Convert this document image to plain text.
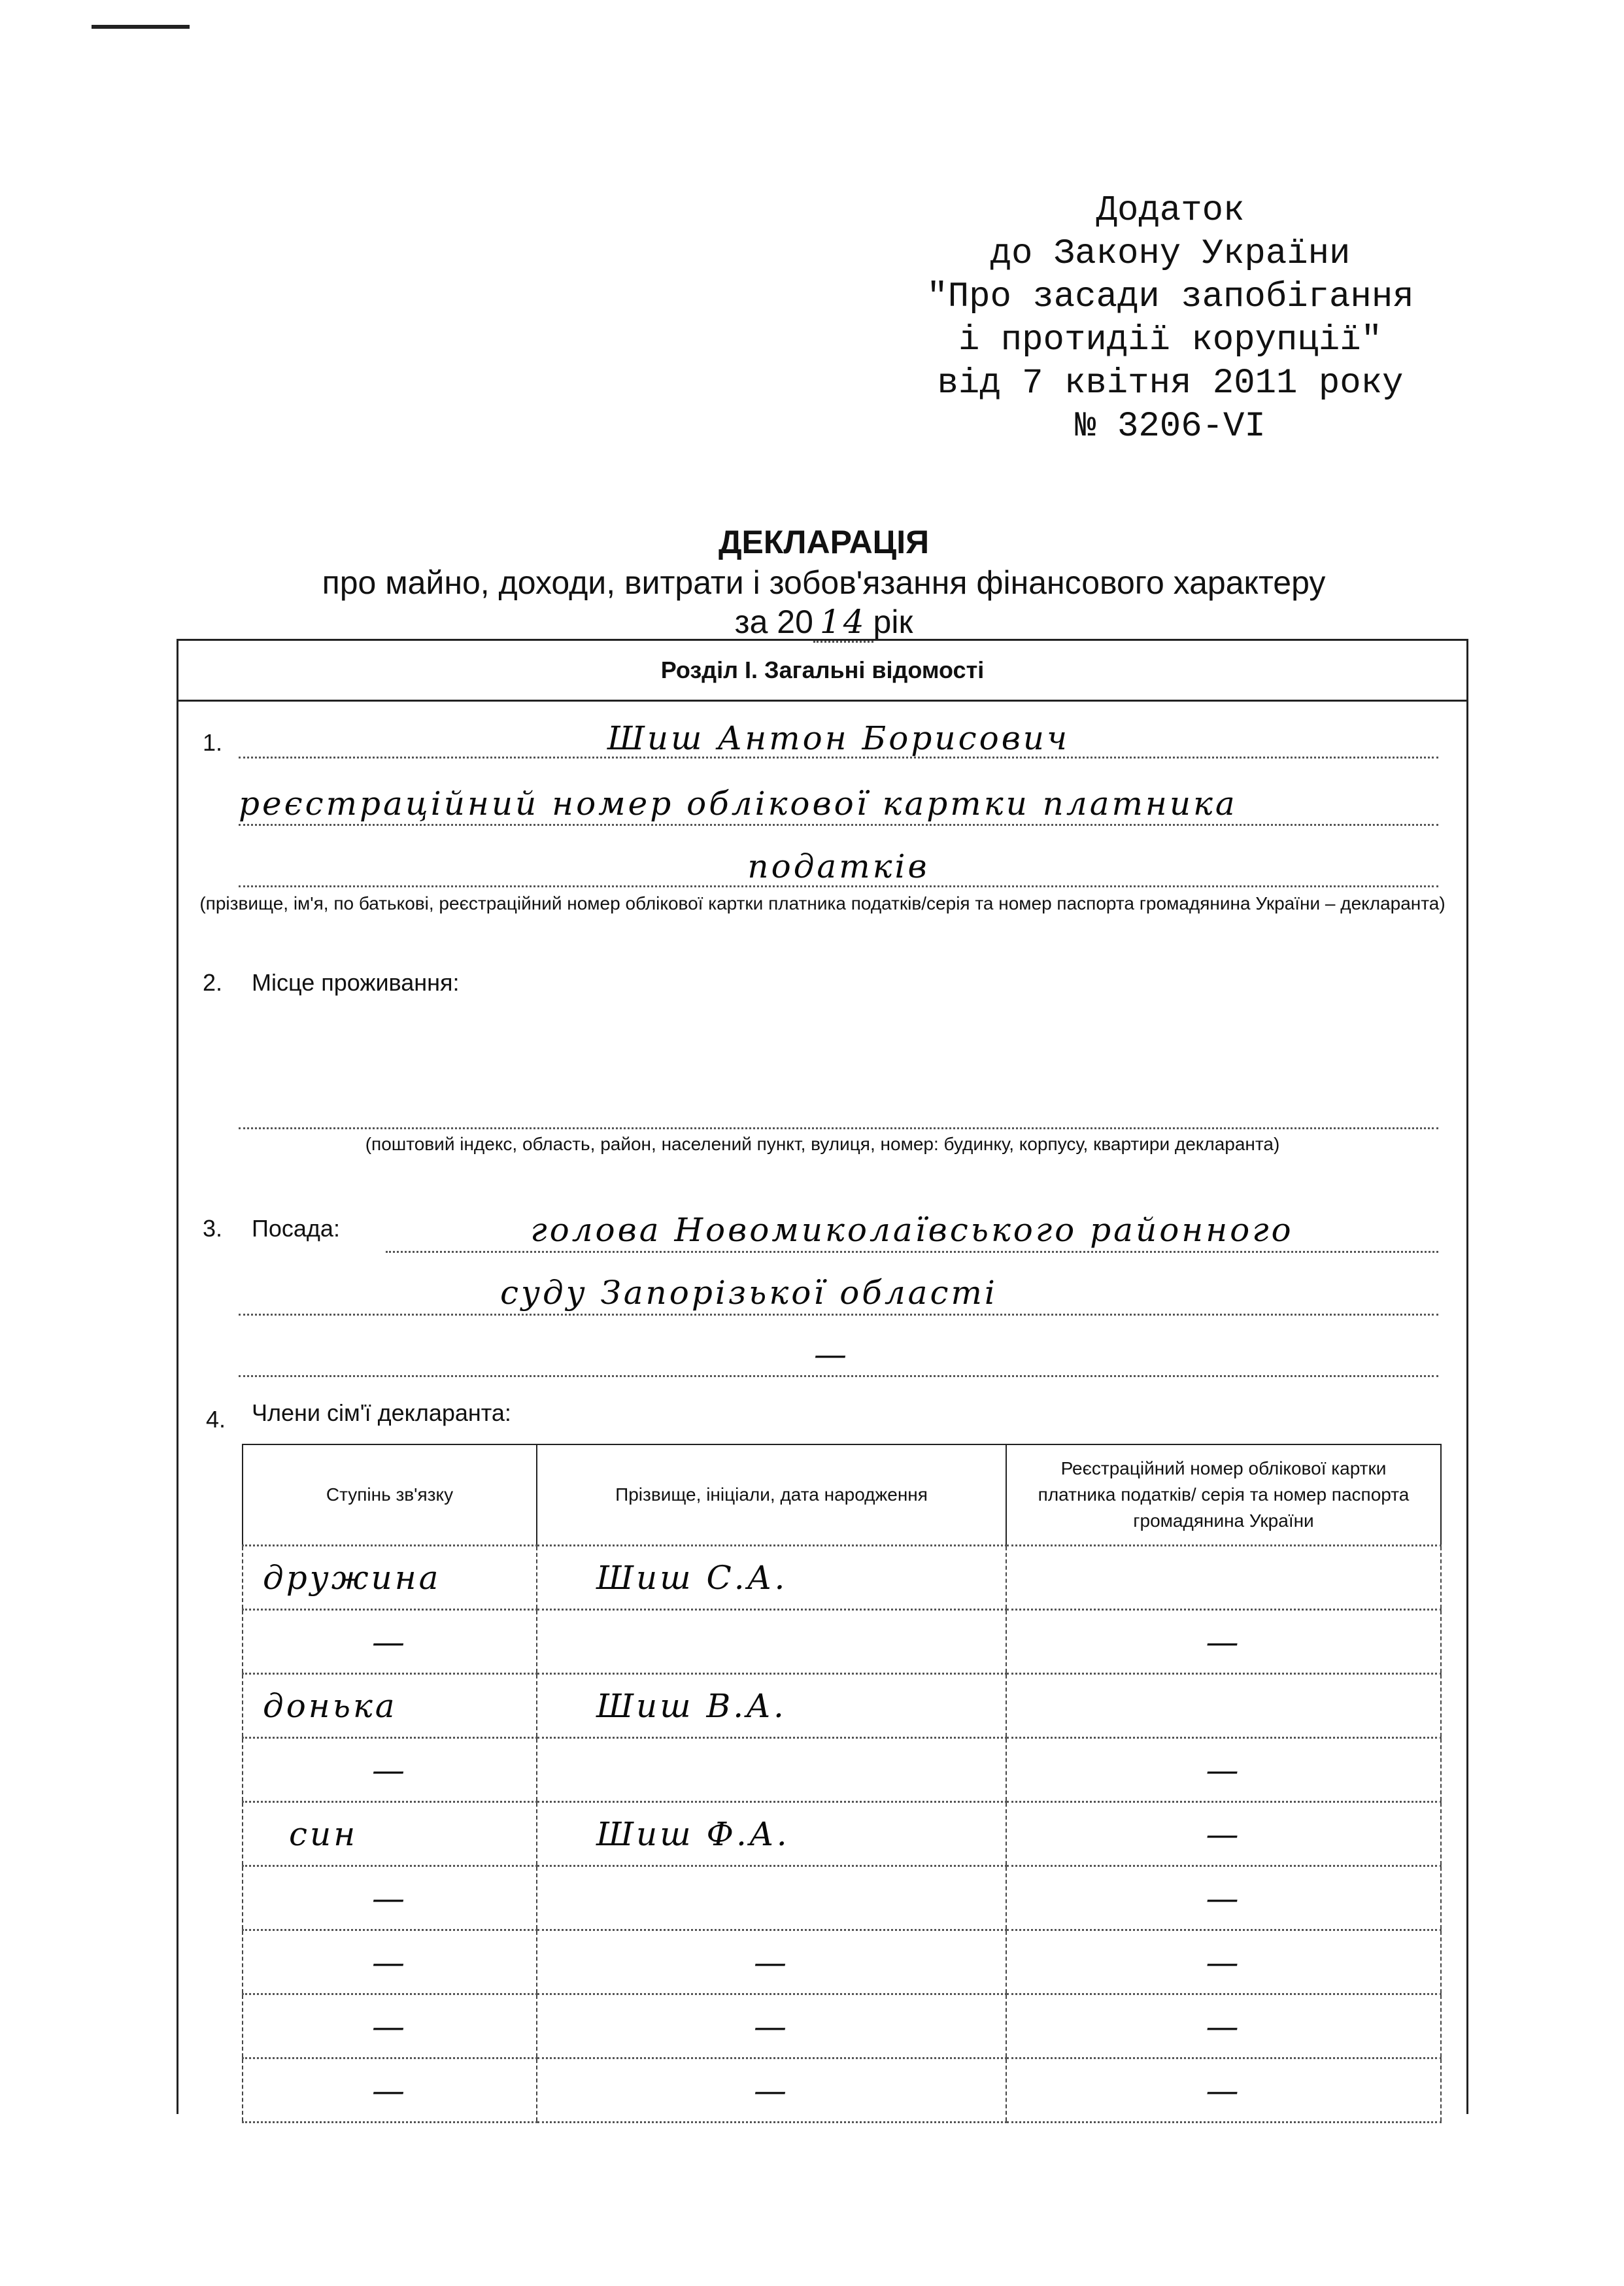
Додаток
до Закону України
"Про засади запобігання
і протидії корупції"
від 7 квітня 2011 року
№ 3206-VI
ДЕКЛАРАЦІЯ
про майно, доходи, витрати і зобов'язання фінансового характеру
за 20 14 рік
Розділ І. Загальні відомості
1.	Шиш Антон Борисович
реєстраційний номер облікової картки платника
податків
(прізвище, ім'я, по батькові, реєстраційний номер облікової картки платника податків/серія та номер паспорта громадянина України – декларанта)
2. Місце проживання:
(поштовий індекс, область, район, населений пункт, вулиця, номер: будинку, корпусу, квартири декларанта)
3. Посада:	голова Новомиколаївського районного
суду Запорізької області
—
4. Члени сім'ї декларанта:
Ступінь зв'язку	Прізвище, ініціали, дата народження	Реєстраційний номер облікової картки платника податків/ серія та номер паспорта громадянина України
дружина	Шиш С.А.	
—		—
донька	Шиш В.А.	
—		—
син	Шиш Ф.А.	—
—		—
—	—	—
—	—	—
—	—	—
